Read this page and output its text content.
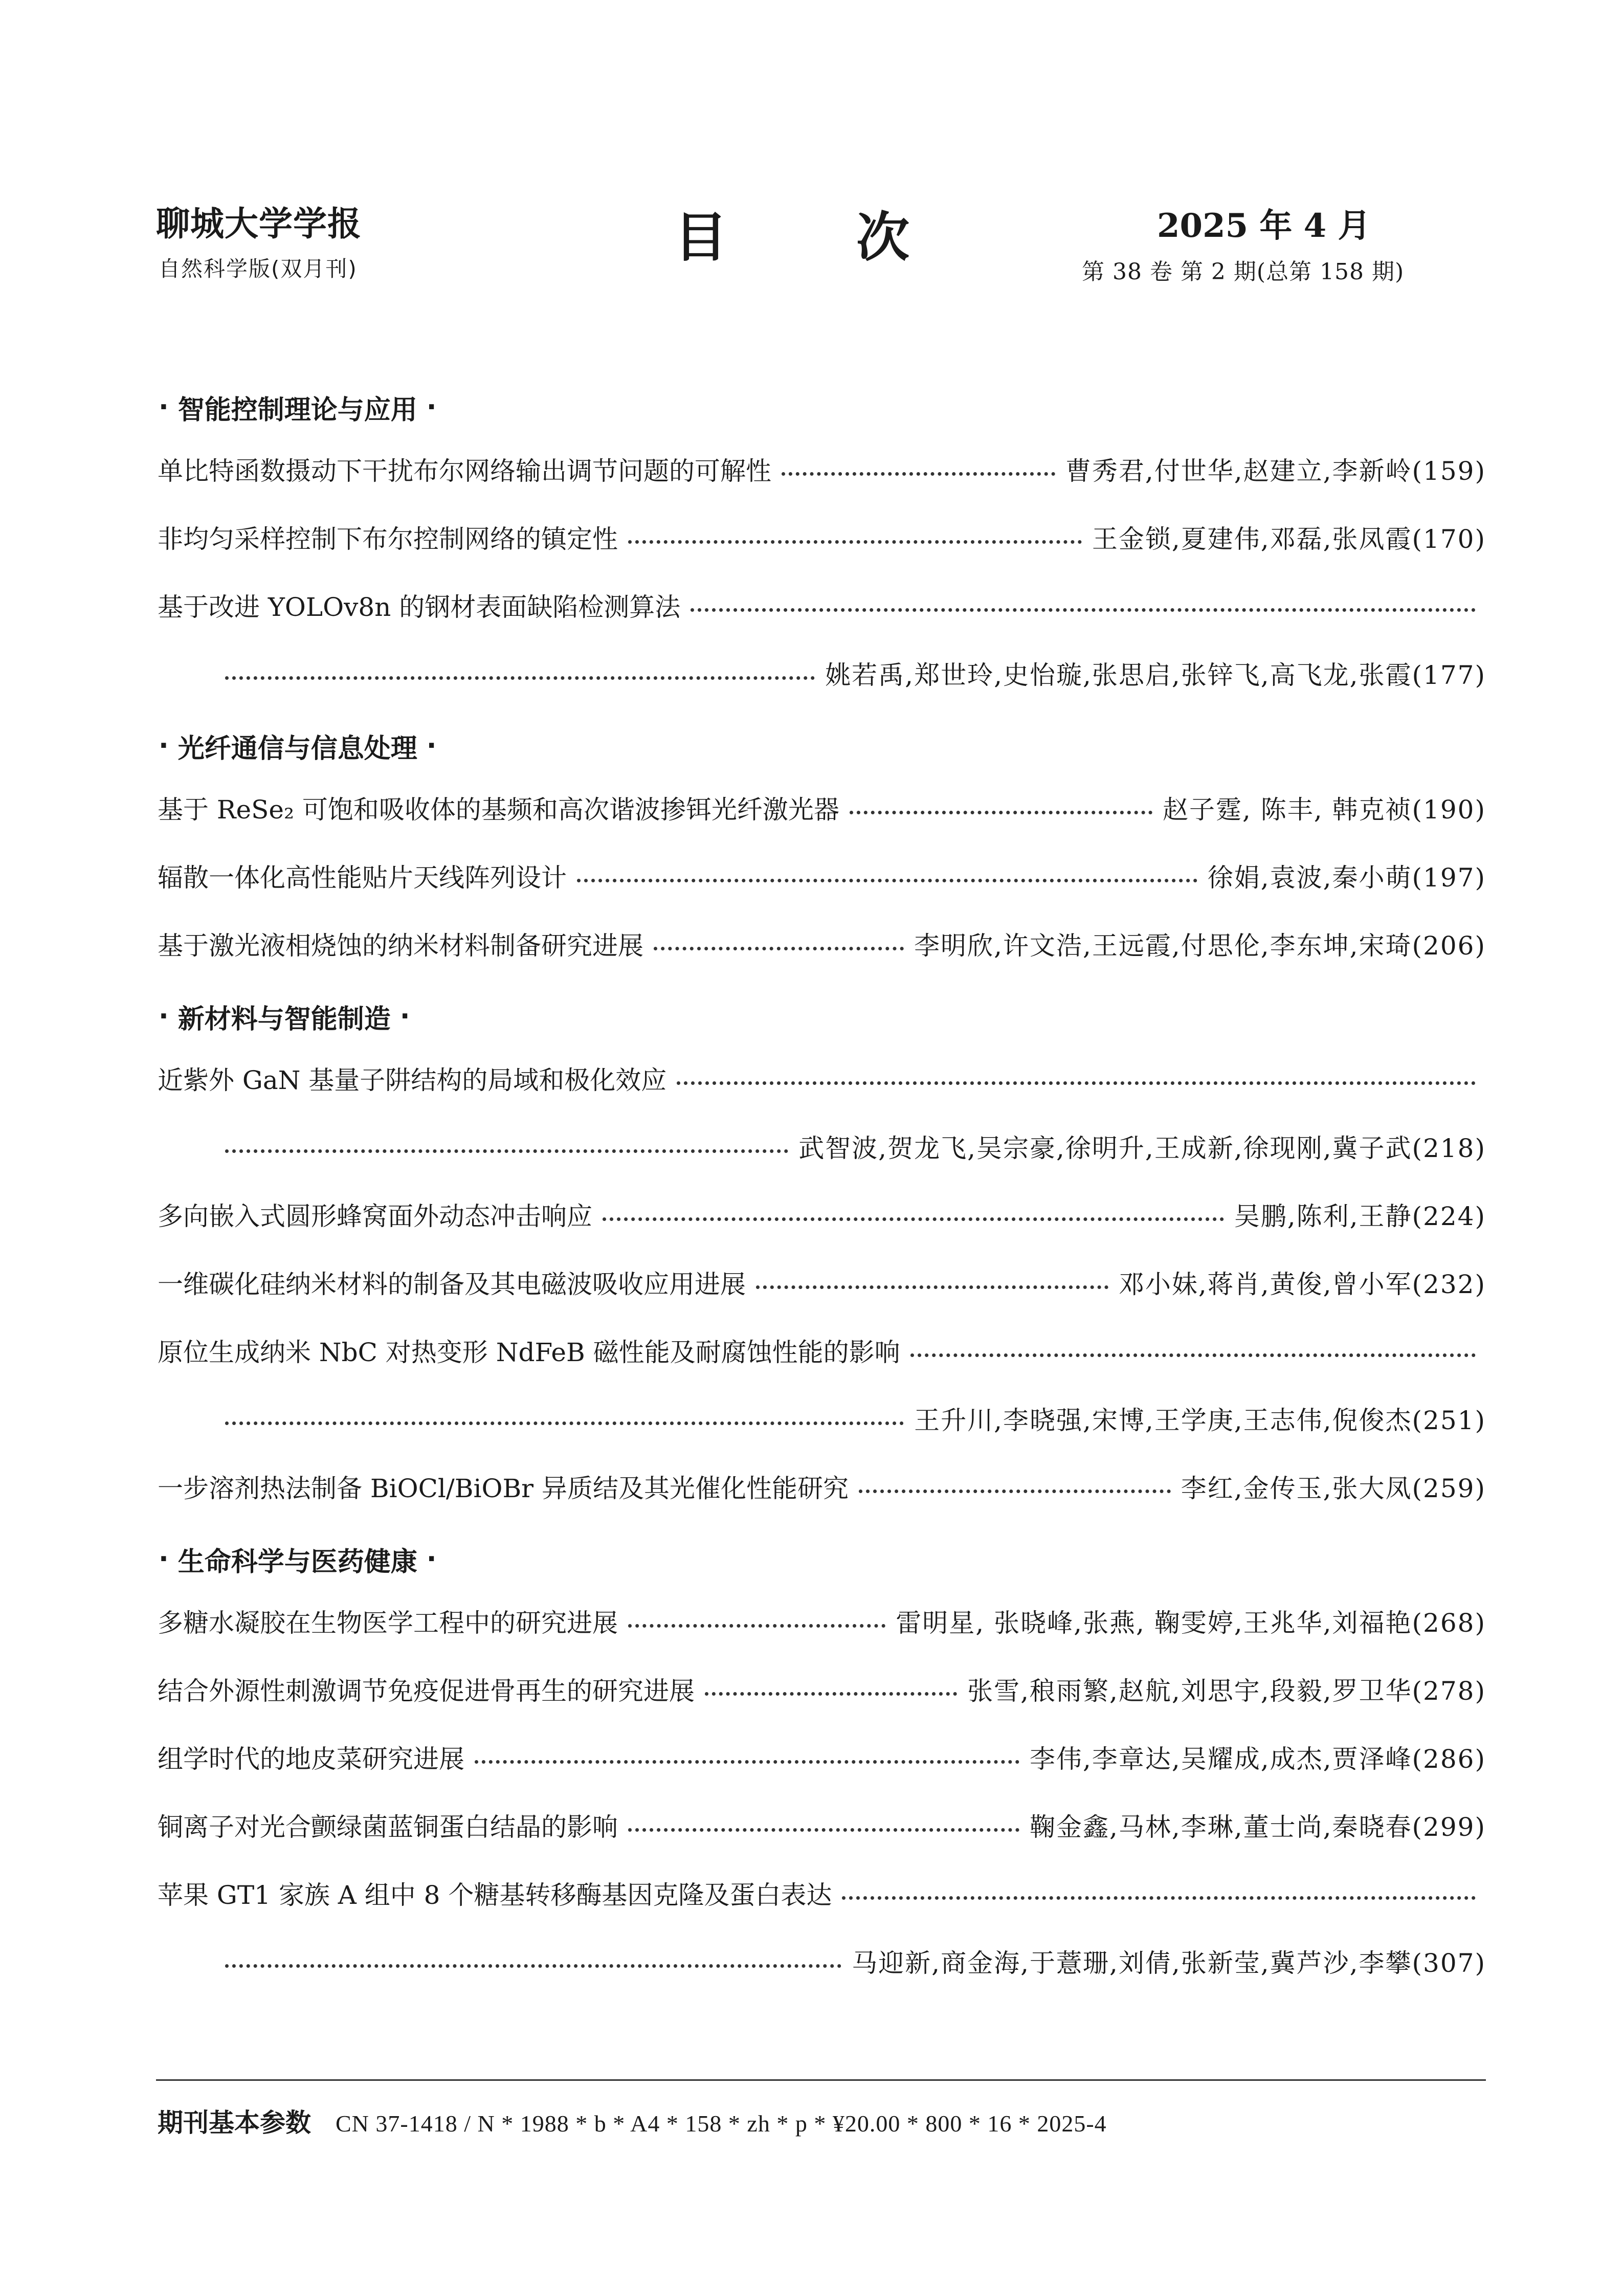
聊城大学学报
自然科学版(双月刊)
目 次	2025 年 4 月
第 38 卷 第 2 期(总第 158 期)
· 智能控制理论与应用 ·
单比特函数摄动下干扰布尔网络输出调节问题的可解性	曹秀君,付世华,赵建立,李新岭(159)
非均匀采样控制下布尔控制网络的镇定性	王金锁,夏建伟,邓磊,张凤霞(170)
基于改进 YOLOv8n 的钢材表面缺陷检测算法
姚若禹,郑世玲,史怡璇,张思启,张锌飞,高飞龙,张霞(177)
· 光纤通信与信息处理 ·
基于 ReSe₂ 可饱和吸收体的基频和高次谐波掺铒光纤激光器	赵子霆, 陈丰, 韩克祯(190)
辐散一体化高性能贴片天线阵列设计	徐娟,袁波,秦小萌(197)
基于激光液相烧蚀的纳米材料制备研究进展	李明欣,许文浩,王远霞,付思伦,李东坤,宋琦(206)
· 新材料与智能制造 ·
近紫外 GaN 基量子阱结构的局域和极化效应
武智波,贺龙飞,吴宗豪,徐明升,王成新,徐现刚,冀子武(218)
多向嵌入式圆形蜂窝面外动态冲击响应	吴鹏,陈利,王静(224)
一维碳化硅纳米材料的制备及其电磁波吸收应用进展	邓小妹,蒋肖,黄俊,曾小军(232)
原位生成纳米 NbC 对热变形 NdFeB 磁性能及耐腐蚀性能的影响
王升川,李晓强,宋博,王学庚,王志伟,倪俊杰(251)
一步溶剂热法制备 BiOCl/BiOBr 异质结及其光催化性能研究	李红,金传玉,张大凤(259)
· 生命科学与医药健康 ·
多糖水凝胶在生物医学工程中的研究进展	雷明星, 张晓峰,张燕, 鞠雯婷,王兆华,刘福艳(268)
结合外源性刺激调节免疫促进骨再生的研究进展	张雪,稂雨繁,赵航,刘思宇,段毅,罗卫华(278)
组学时代的地皮菜研究进展	李伟,李章达,吴耀成,成杰,贾泽峰(286)
铜离子对光合颤绿菌蓝铜蛋白结晶的影响	鞠金鑫,马林,李琳,董士尚,秦晓春(299)
苹果 GT1 家族 A 组中 8 个糖基转移酶基因克隆及蛋白表达
马迎新,商金海,于薏珊,刘倩,张新莹,冀芦沙,李攀(307)
期刊基本参数 CN 37-1418 / N * 1988 * b * A4 * 158 * zh * p * ¥20.00 * 800 * 16 * 2025-4
